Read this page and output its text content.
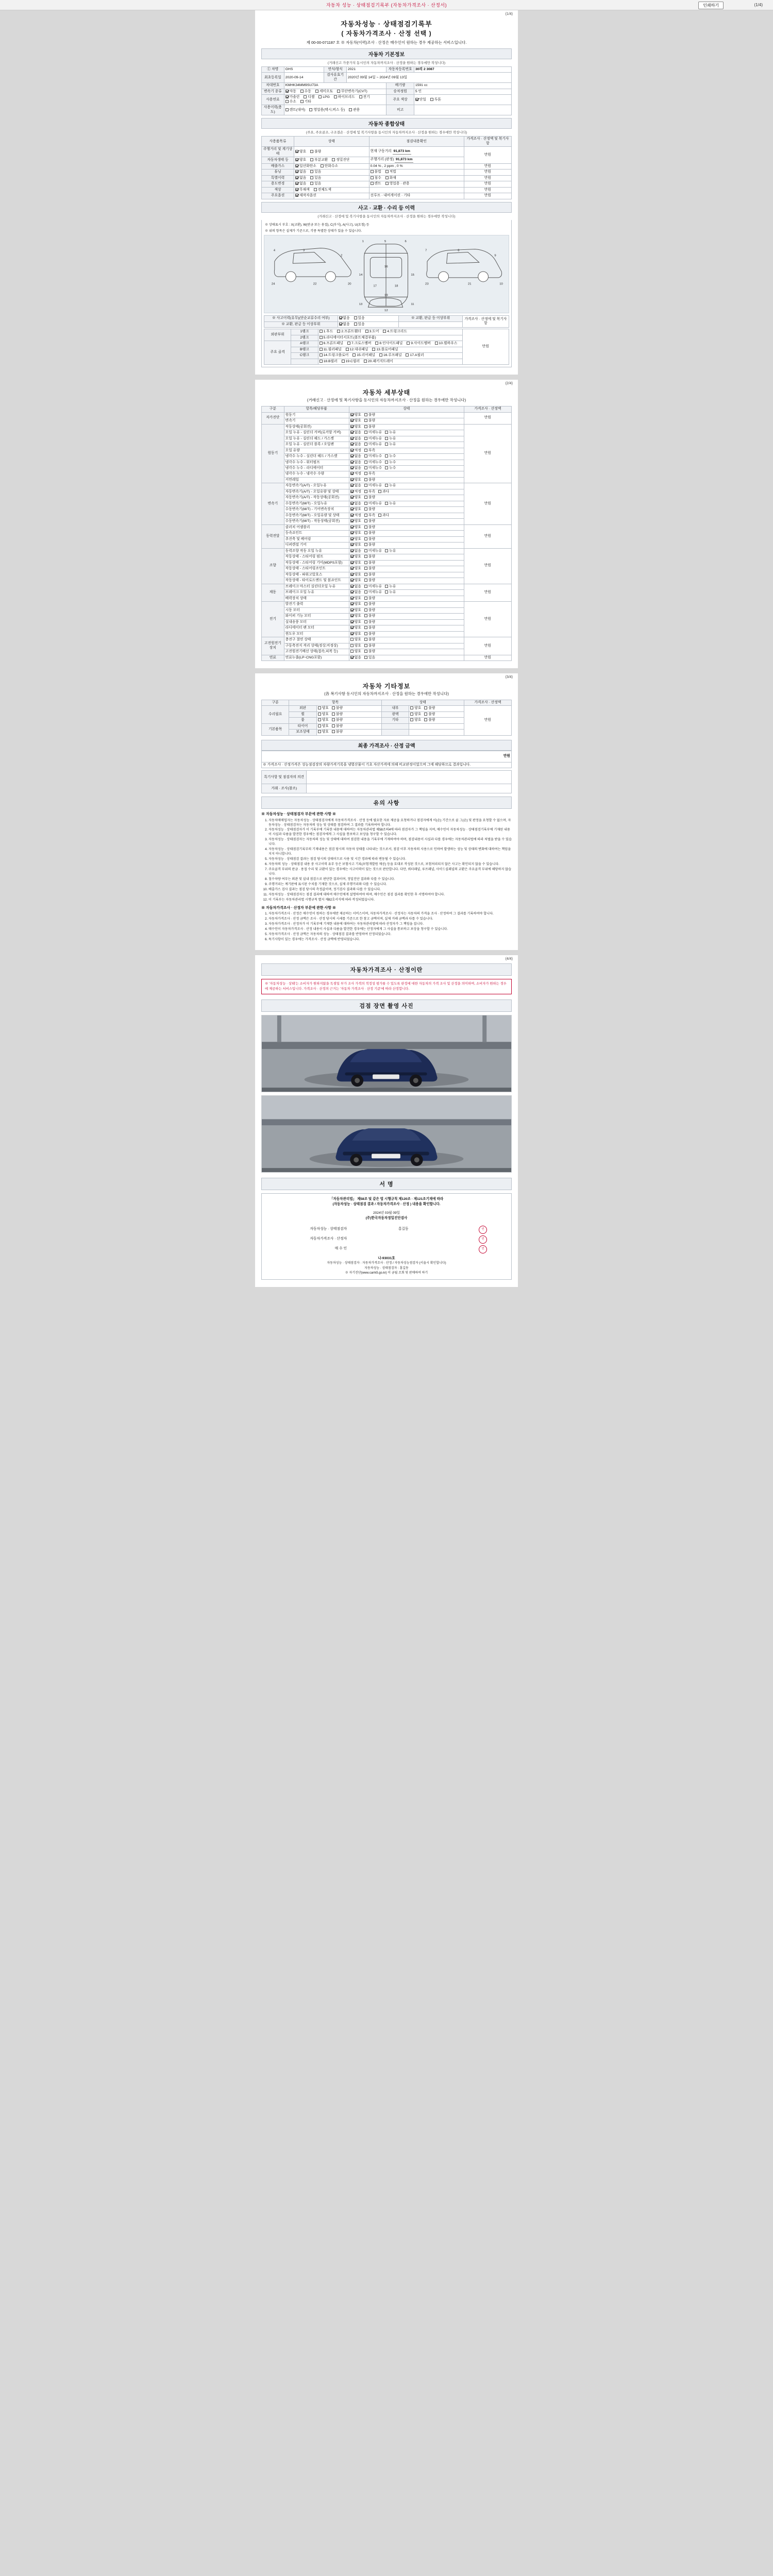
자동차 성능 · 상태점검기록부 (자동차가격조사 · 산정서)	인쇄하기	(1/4)
(1/4)
자동차성능 · 상태점검기록부
( 자동차가격조사 · 산정 선택 )
제 00-00-071187 호 ※ 자동차(이력)조사 · 산정은 매수인이 원하는 경우 제공하는 서비스입니다.
자동차 기본정보
(거래신고 가중가치 동시인의 자동차까지조사 · 산정을 원하는 경우에만 작성니다)
① 차명	GHS	연식/형식	2021	자동차등록번호	30리 2 3087
최초등록일	2020-09-14	검사유효기간	2020년 09월 14일 ~ 2024년 09월 13일		
차대번호	KMHK34MM9SU73A			배기량	1591 cc
변속기 종류	자동 수동 세미오토 무단변속기(CVT)			승차정원	5 인
사용연료	가솔린 디젤 LPG 하이브리드 전기 수소 기타			주요 색상	단일 투톤
사용이력(용도)	렌트(대여) 영업용(택시,버스 등) 관용			비고	
자동차 종합상태
(주요, 주요골조, 구조결손 · 산정에 및 복기사항을 동시인의 자동차까지조사 · 산정을 원하는 경우에만 작성니다)
사용품목류	상태	점검내용확인	가격조사 · 산정액 및 복기사항
주행거리 및 계기상태	양호 불량	현재 구동거리 91,873 km	만원
자동차생태 등	양호 부분교환 정밀진단	주행거리 (판정) 91,873 km	
배출가스	일산화탄소 탄화수소	0.04 % , 2 ppm , 0 %	만원
튜닝	없음 있음	불법 적법	만원
특별이력	없음 있음	침수 화재	만원
용도변경	없음 있음	렌트 영업용 · 관용	만원
색상	무채색 전체도색		만원
주요옵션	제작자옵션	선루프 · 내비게이션 · 기타	만원
사고 · 교환 · 수리 등 이력
(거래신고 · 산정에 및 복기사항을 동시인의 자동차까지조사 · 산정을 원하는 경우에만 작성니다)
※ 상태표시 부호 : X(교환), W(판금 또는 용접), C(부식), A(사고), U(요철) 등
※ 위의 항목은 실제가 기준으로, 각종 특별한 상태가 있을 수 있습니다.
4	3
2
24	22	20
1	5	6
14
16
15
13
12
11
7	8
9
23	21	10
17	18
19
※ 사고이력(유무)(단순교류수리 여부)	없음 있음	※ 교환, 판금 등 이상부위	가격조사 · 산정에 및 복기사항
※ 교환, 판금 등 이상부위	없음 있음		
외판부위	1랭크	1.후드 2.프론트휀더 3.도어 4.트렁크리드	만원
	2랭크	5.라디에이터서포트(볼트체결부품)	
주요 골격	A랭크	6.프론트패널 7.크로스멤버 8.인사이드패널 9.사이드멤버 10.휠하우스	
	B랭크	11.필러패널 12.대쉬패널 13.플로어패널	
	C랭크	14.트렁크플로어 15.리어패널 16.루프패널 17.A필러	
		18.B필러 19.C필러 20.패키지트레이	
(2/4)
자동차 세부상태
(거래신고 · 산정에 및 복기사항을 동시인의 자동차까지조사 · 산정을 원하는 경우에만 작성니다)
구분	항목/해당부품	상태	가격조사 · 산정액
자가진단	원동기	양호 불량	만원
	변속기	양호 불량	
원동기	작동상태(공회전)	양호 불량	만원
	오일 누유 - 실린더 커버(로커암 커버)	없음 미세누유 누유	
	오일 누유 - 실린더 헤드 / 가스켓	없음 미세누유 누유	
	오일 누유 - 실린더 블록 / 오일팬	없음 미세누유 누유	
	오일 유량	적정 부족	
	냉각수 누수 - 실린더 헤드 / 가스켓	없음 미세누수 누수	
	냉각수 누수 - 워터펌프	없음 미세누수 누수	
	냉각수 누수 - 라디에이터	없음 미세누수 누수	
	냉각수 누수 - 냉각수 수량	적정 부족	
	커먼레일	양호 불량	
변속기	자동변속기(A/T) - 오일누유	없음 미세누유 누유	만원
	자동변속기(A/T) - 오일유량 및 상태	적정 부족 과다	
	자동변속기(A/T) - 작동상태(공회전)	양호 불량	
	수동변속기(M/T) - 오일누유	없음 미세누유 누유	
	수동변속기(M/T) - 기어변속장치	양호 불량	
	수동변속기(M/T) - 오일유량 및 상태	적정 부족 과다	
	수동변속기(M/T) - 작동상태(공회전)	양호 불량	
동력전달	클러치 어셈블리	양호 불량	만원
	등속죠인트	양호 불량	
	추진축 및 베어링	양호 불량	
	디퍼렌셜 기어	양호 불량	
조향	동력조향 작동 오일 누유	없음 미세누유 누유	만원
	작동상태 - 스티어링 펌프	양호 불량	
	작동상태 - 스티어링 기어(MDPS포함)	양호 불량	
	작동상태 - 스티어링조인트	양호 불량	
	작동상태 - 파워고압호스	양호 불량	
	작동상태 - 타이로드엔드 및 볼죠인트	양호 불량	
제동	브레이크 마스터 실린더오일 누유	없음 미세누유 누유	만원
	브레이크 오일 누유	없음 미세누유 누유	
	배력장치 상태	양호 불량	
전기	발전기 출력	양호 불량	만원
	시동 모터	양호 불량	
	와이퍼 기능 모터	양호 불량	
	실내송풍 모터	양호 불량	
	라디에이터 팬 모터	양호 불량	
	윈도우 모터	양호 불량	
고전원전기장치	충전구 절연 상태	양호 불량	만원
	구동축전지 격리 상태(정상,비정상)	양호 불량	
	고전원전기배선 상태(접속,피복 등)	양호 불량	
연료	연료누출(LP･CNG포함)	없음 있음	만원
(3/4)
자동차 기타정보
(各 복기사항 동시인의 자동차까지조사 · 산정을 원하는 경우에만 작성니다)
구분	항목		상태		가격조사 · 산정액
수리필요	외판	양호 불량	내부	양호 불량	만원
	휠	양호 불량	광택	양호 불량	
	룸	양호 불량	기타	양호 불량	
기본품목	타이어	양호 불량			
	보조상태	양호 불량			
최종 가격조사 · 산정 금액
만원
※ 가격조사 · 산정가격은 성능점검장의 차량가격기록을 냉멸산물이 기초 자산가격에 의해 비교판정이었으며 그에 해당하므로 결과입니다.
특기사항 및 점검자의 의견	
거래 · 조사(참조)	
유의 사항
※ 자동차성능 · 상태점검자 부문에 관한 사항 ※
1. 자동차매매업자는 자동차성능 · 상태점검자에게 자동차가격조사 · 산정 등에 필요한 자료 제공을 요청하거나 점검자에게 이(손) 기간으로 골 그(손) 및 판정을 요청할 수 없으며, 자동차성능 · 상태점검자는 자동차의 성능 및 상태를 점검하여 그 결과를 기록하여야 합니다.
2. 자동차성능 · 상태점검자가 이 기록부에 기록한 내용에 대하여는 자동차관리법 제58조의4에 따라 점검자가 그 책임을 지며, 매수인이 자동차성능 · 상태점검기록부에 기재된 내용이 사실과 다름을 발견한 경우에는 점검자에게 그 사실을 통보하고 보상을 청구할 수 있습니다.
3. 자동차성능 · 상태점검자는 자동차의 성능 및 상태에 대하여 점검한 내용을 기록부에 기재하여야 하며, 점검내용이 사실과 다를 경우에는 자동차관리법에 따라 처벌을 받을 수 있습니다.
4. 자동차성능 · 상태점검기록부의 기재내용은 점검 당시의 자동차 상태를 나타내는 것으로서, 점검 이후 자동차의 사용으로 인하여 발생하는 성능 및 상태의 변화에 대하여는 책임을 지지 아니합니다.
5. 자동차성능 · 상태점검 결과는 점검 당시의 상태이므로 사용 및 시간 경과에 따라 변동될 수 있습니다.
6. 자동차의 성능 · 상태점검 내용 중 사고이력 유무 등은 보험사고 기록(보험개발원 제공) 등을 토대로 작성된 것으로, 보험처리되지 않은 사고는 확인되지 않을 수 있습니다.
7. 주요골격 부위의 판금 · 용접 수리 및 교환이 있는 경우에는 사고이력이 있는 것으로 판단합니다. 다만, 쿼터패널, 루프패널, 사이드실패널의 교환은 주요골격 부위에 해당하지 않습니다.
8. 침수차량 여부는 외관 및 실내 점검으로 판단한 결과이며, 정밀진단 결과와 다를 수 있습니다.
9. 주행거리는 계기판에 표시된 수치를 기재한 것으로, 실제 주행거리와 다를 수 있습니다.
10. 배출가스 검사 결과는 점검 당시의 측정값이며, 정기검사 결과와 다를 수 있습니다.
11. 자동차성능 · 상태점검자는 점검 결과에 대하여 매수인에게 설명하여야 하며, 매수인은 점검 결과를 확인한 후 서명하여야 합니다.
12. 이 기록부는 자동차관리법 시행규칙 별지 제82호서식에 따라 작성되었습니다.
※ 자동차가격조사 · 산정자 부문에 관한 사항 ※
1. 자동차가격조사 · 산정은 매수인이 원하는 경우에만 제공하는 서비스이며, 자동차가격조사 · 산정자는 자동차의 가격을 조사 · 산정하여 그 결과를 기록하여야 합니다.
2. 자동차가격조사 · 산정 금액은 조사 · 산정 당시의 시세를 기준으로 한 참고 금액이며, 실제 거래 금액과 다를 수 있습니다.
3. 자동차가격조사 · 산정자가 이 기록부에 기재한 내용에 대하여는 자동차관리법에 따라 산정자가 그 책임을 집니다.
4. 매수인이 자동차가격조사 · 산정 내용이 사실과 다름을 발견한 경우에는 산정자에게 그 사실을 통보하고 보상을 청구할 수 있습니다.
5. 자동차가격조사 · 산정 금액은 자동차의 성능 · 상태점검 결과를 반영하여 산정되었습니다.
6. 특기사항이 있는 경우에는 가격조사 · 산정 금액에 반영되었습니다.
(4/4)
자동차가격조사 · 산정이란
※ '자동차성능 · 상태'는 소비자가 원하지않을 독점일 부가 조사 가격의 적정성 평가를 수 있도록 판정에 대한 자동차의 가격 조사 및 산정을 의미하며, 소비자가 원하는 경우에 제공하는 서비스입니다. 가격조사 · 산정의 근거는 '자동차 가격조사 · 산정 기준'에 따라 산정합니다.
검점 장면 촬영 사진
서 명
「자동차관리법」 제58조 및 같은 법 시행규칙 제120조 · 제121조기재에 따라
(자동차성능 · 상태점검 결과 / 자동차가격조사 · 산정 ) 내용을 확인합니다.
2024년 03월 09일
(주)한국자동차정밀진단검사
자동차성능 · 상태점검자	홍길동	인
자동차가격조사 · 산정자		인
매 수 인		인
나-93031호
자동차성능 · 상태점검자 · 자동차가격조사 · 산정 / 자동차성능점검자 (서울시 확인합니다)
자동차성능 · 상태점검자 : 홍길동
※ 자기진단(www.carrk5.go.kr) 이 금월 조회 및 판매하여 하기
